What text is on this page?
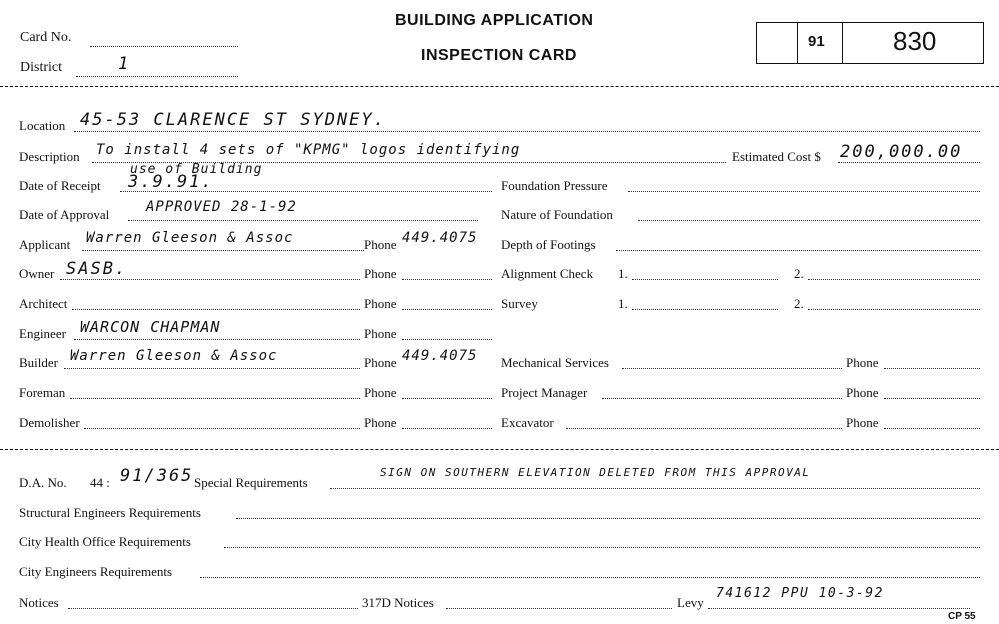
Card No.
District	1
BUILDING APPLICATION
INSPECTION CARD
91	830
Location 45-53 CLARENCE ST SYDNEY.
Description To install 4 sets of "KPMG" logos identifying
use of Building
Estimated Cost $ 200,000.00
Date of Receipt 3.9.91.	Foundation Pressure
Date of Approval	APPROVED 28-1-92	Nature of Foundation
Applicant Warren Gleeson & Assoc	Phone 449.4075 Depth of Footings
Owner SASB.	Phone	Alignment Check 1.	2.
Architect	Phone	Survey	1.	2.
Engineer WARCON CHAPMAN	Phone
Builder Warren Gleeson & Assoc	Phone 449.4075 Mechanical Services	Phone
Foreman	Phone	Project Manager	Phone
Demolisher	Phone	Excavator	Phone
D.A. No. 44 : 91/365 Special Requirements
SIGN ON SOUTHERN ELEVATION DELETED FROM THIS APPROVAL
Structural Engineers Requirements
City Health Office Requirements
City Engineers Requirements
Notices	317D Notices	Levy
741612 PPU 10-3-92
CP 55
